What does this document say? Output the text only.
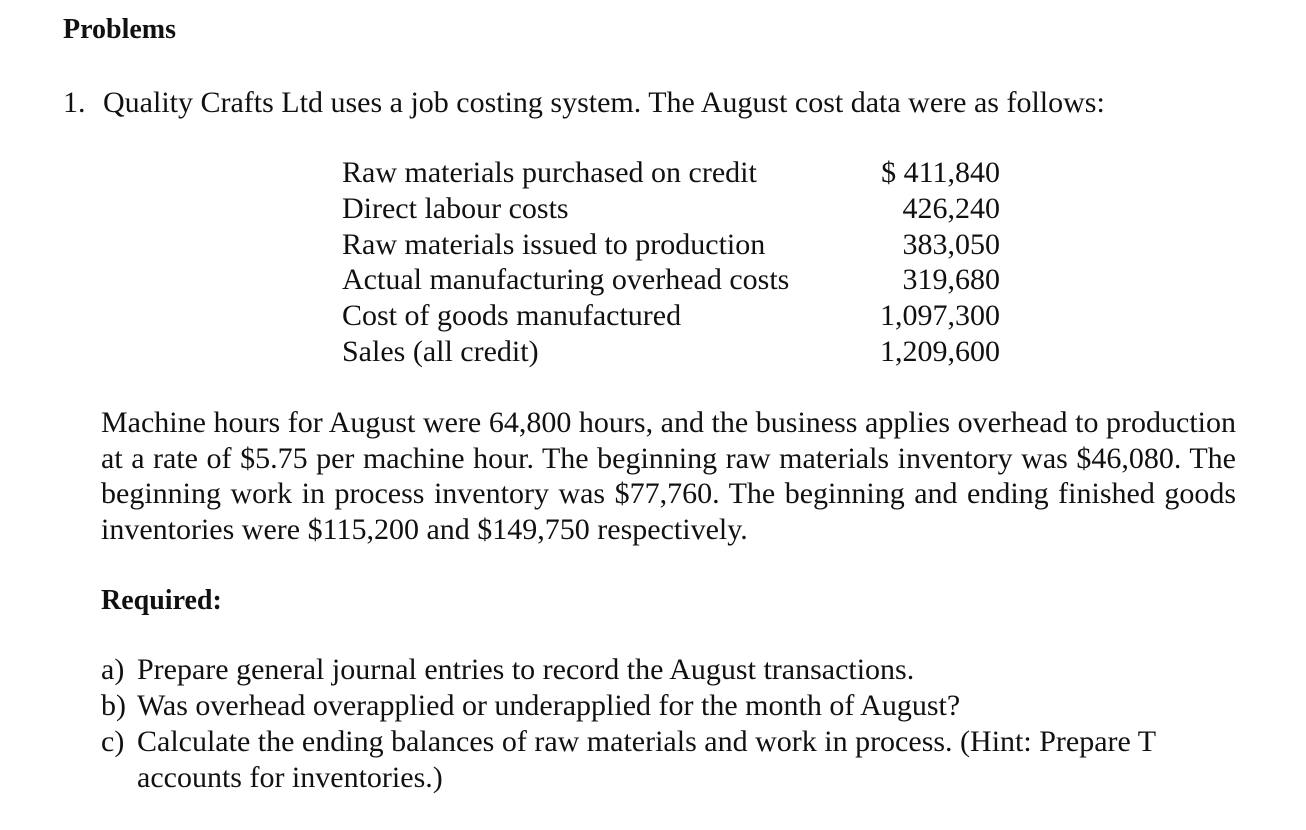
Problems
1. Quality Crafts Ltd uses a job costing system. The August cost data were as follows:
Raw materials purchased on credit	$ 411,840
Direct labour costs	426,240
Raw materials issued to production	383,050
Actual manufacturing overhead costs	319,680
Cost of goods manufactured	1,097,300
Sales (all credit)	1,209,600
Machine hours for August were 64,800 hours, and the business applies overhead to production at a rate of $5.75 per machine hour. The beginning raw materials inventory was $46,080. The beginning work in process inventory was $77,760. The beginning and ending finished goods inventories were $115,200 and $149,750 respectively.
Required:
a) Prepare general journal entries to record the August transactions.
b) Was overhead overapplied or underapplied for the month of August?
c) Calculate the ending balances of raw materials and work in process. (Hint: Prepare T accounts for inventories.)
